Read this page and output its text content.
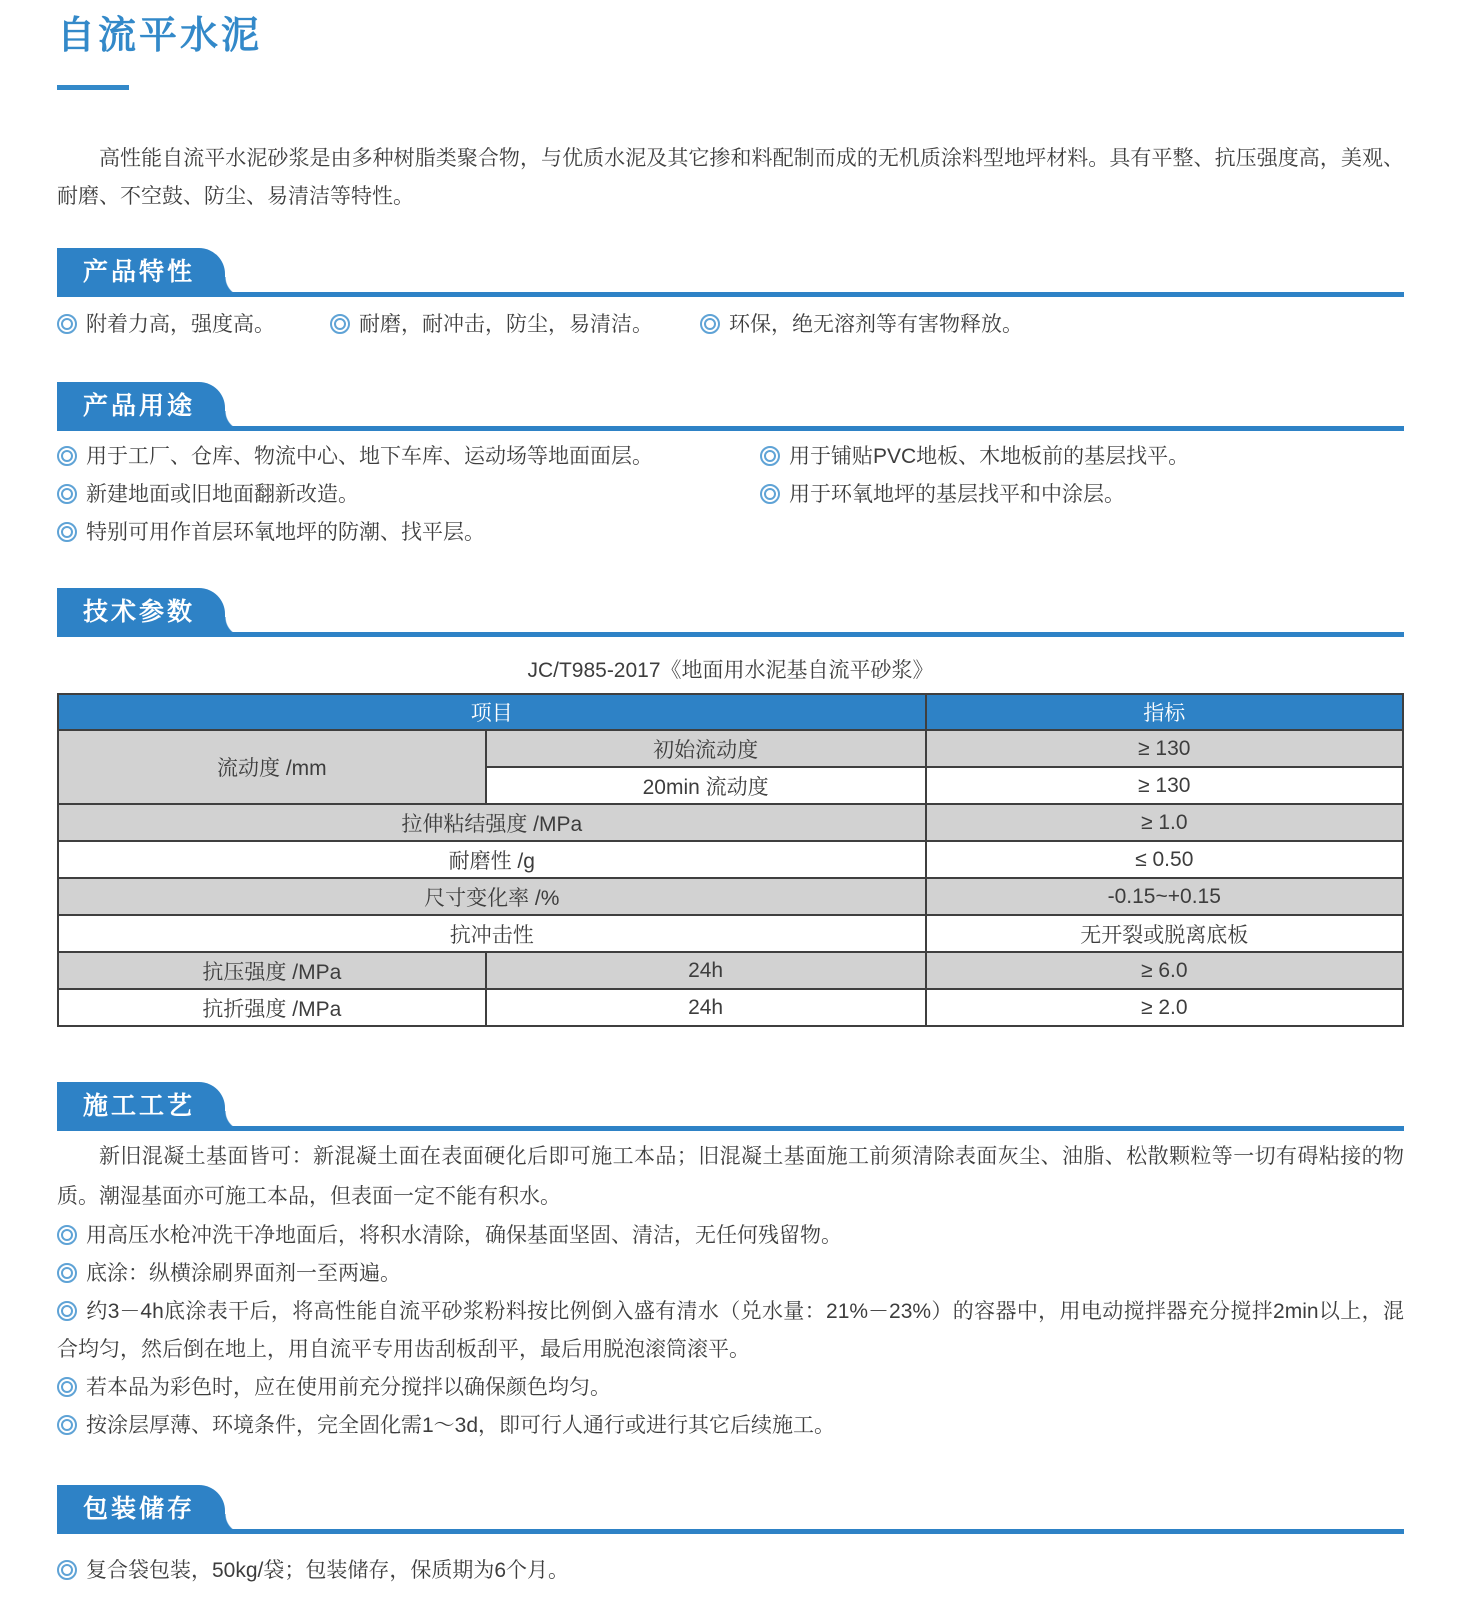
自流平水泥

高性能自流平水泥砂浆是由多种树脂类聚合物，与优质水泥及其它掺和料配制而成的无机质涂料型地坪材料。具有平整、抗压强度高，美观、耐磨、不空鼓、防尘、易清洁等特性。

产品特性

附着力高，强度高。	耐磨，耐冲击，防尘，易清洁。	环保，绝无溶剂等有害物释放。

产品用途

用于工厂、仓库、物流中心、地下车库、运动场等地面面层。

新建地面或旧地面翻新改造。

特别可用作首层环氧地坪的防潮、找平层。

用于铺贴PVC地板、木地板前的基层找平。

用于环氧地坪的基层找平和中涂层。

技术参数

JC/T985-2017《地面用水泥基自流平砂浆》

项目		指标
流动度 /mm	初始流动度	≥ 130
	20min 流动度	≥ 130
拉伸粘结强度 /MPa		≥ 1.0
耐磨性 /g		≤ 0.50
尺寸变化率 /%		-0.15~+0.15
抗冲击性		无开裂或脱离底板
抗压强度 /MPa	24h	≥ 6.0
抗折强度 /MPa	24h	≥ 2.0
施工工艺

新旧混凝土基面皆可：新混凝土面在表面硬化后即可施工本品；旧混凝土基面施工前须清除表面灰尘、油脂、松散颗粒等一切有碍粘接的物质。潮湿基面亦可施工本品，但表面一定不能有积水。

用高压水枪冲洗干净地面后，将积水清除，确保基面坚固、清洁，无任何残留物。

底涂：纵横涂刷界面剂一至两遍。

约3－4h底涂表干后，将高性能自流平砂浆粉料按比例倒入盛有清水（兑水量：21%－23%）的容器中，用电动搅拌器充分搅拌2min以上，混合均匀，然后倒在地上，用自流平专用齿刮板刮平，最后用脱泡滚筒滚平。

若本品为彩色时，应在使用前充分搅拌以确保颜色均匀。

按涂层厚薄、环境条件，完全固化需1～3d，即可行人通行或进行其它后续施工。

包装储存

复合袋包装，50kg/袋；包装储存，保质期为6个月。
